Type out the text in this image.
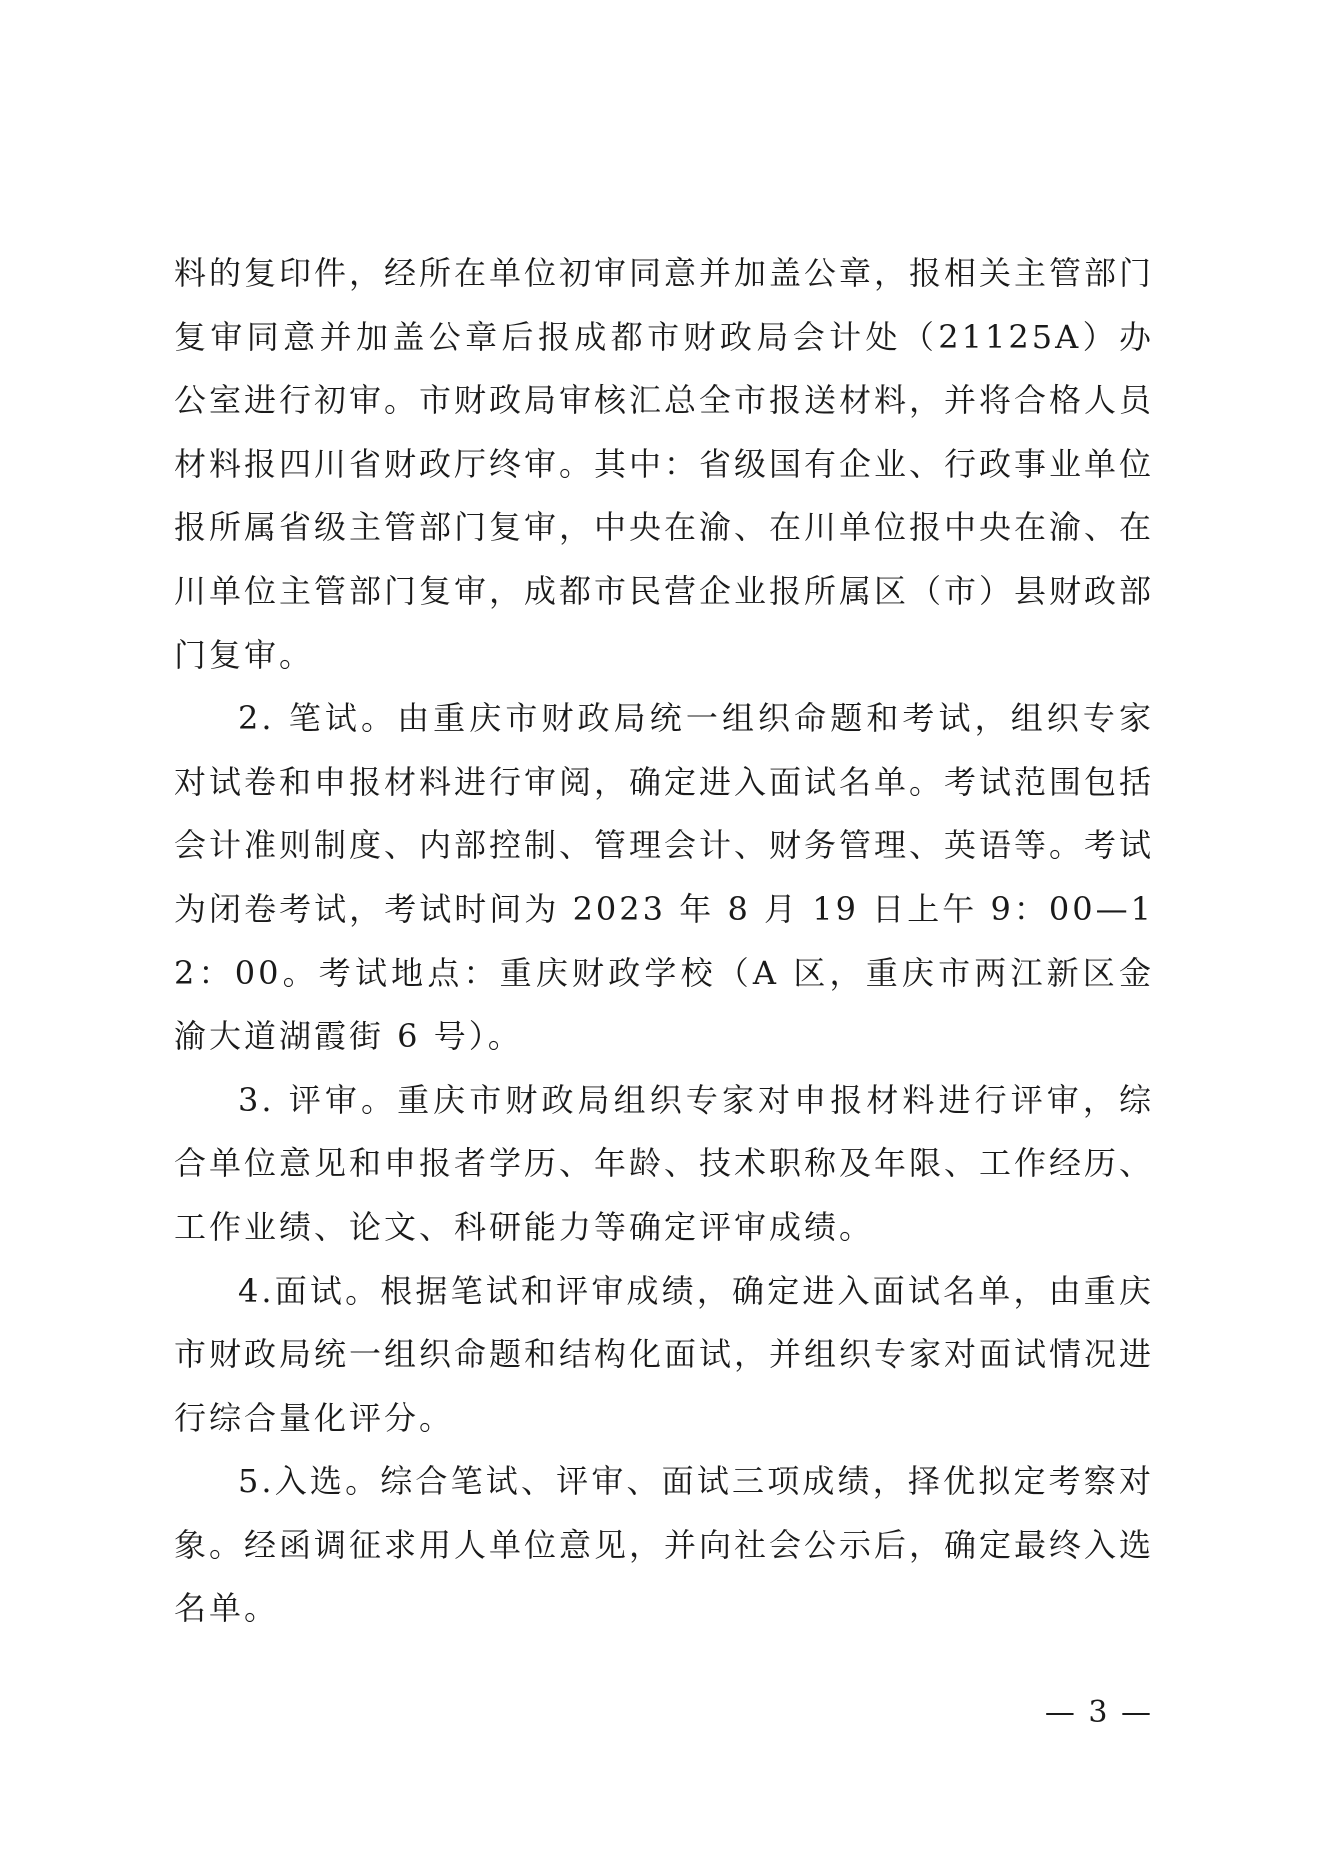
料的复印件，经所在单位初审同意并加盖公章，报相关主管部门复审同意并加盖公章后报成都市财政局会计处（21125A）办公室进行初审。市财政局审核汇总全市报送材料，并将合格人员材料报四川省财政厅终审。其中：省级国有企业、行政事业单位报所属省级主管部门复审，中央在渝、在川单位报中央在渝、在川单位主管部门复审，成都市民营企业报所属区（市）县财政部门复审。

2. 笔试。由重庆市财政局统一组织命题和考试，组织专家对试卷和申报材料进行审阅，确定进入面试名单。考试范围包括会计准则制度、内部控制、管理会计、财务管理、英语等。考试为闭卷考试，考试时间为 2023 年 8 月 19 日上午 9：00—12：00。考试地点：重庆财政学校（A 区，重庆市两江新区金渝大道湖霞街 6 号）。

3. 评审。重庆市财政局组织专家对申报材料进行评审，综合单位意见和申报者学历、年龄、技术职称及年限、工作经历、工作业绩、论文、科研能力等确定评审成绩。

4.面试。根据笔试和评审成绩，确定进入面试名单，由重庆市财政局统一组织命题和结构化面试，并组织专家对面试情况进行综合量化评分。

5.入选。综合笔试、评审、面试三项成绩，择优拟定考察对象。经函调征求用人单位意见，并向社会公示后，确定最终入选名单。

— 3 —
